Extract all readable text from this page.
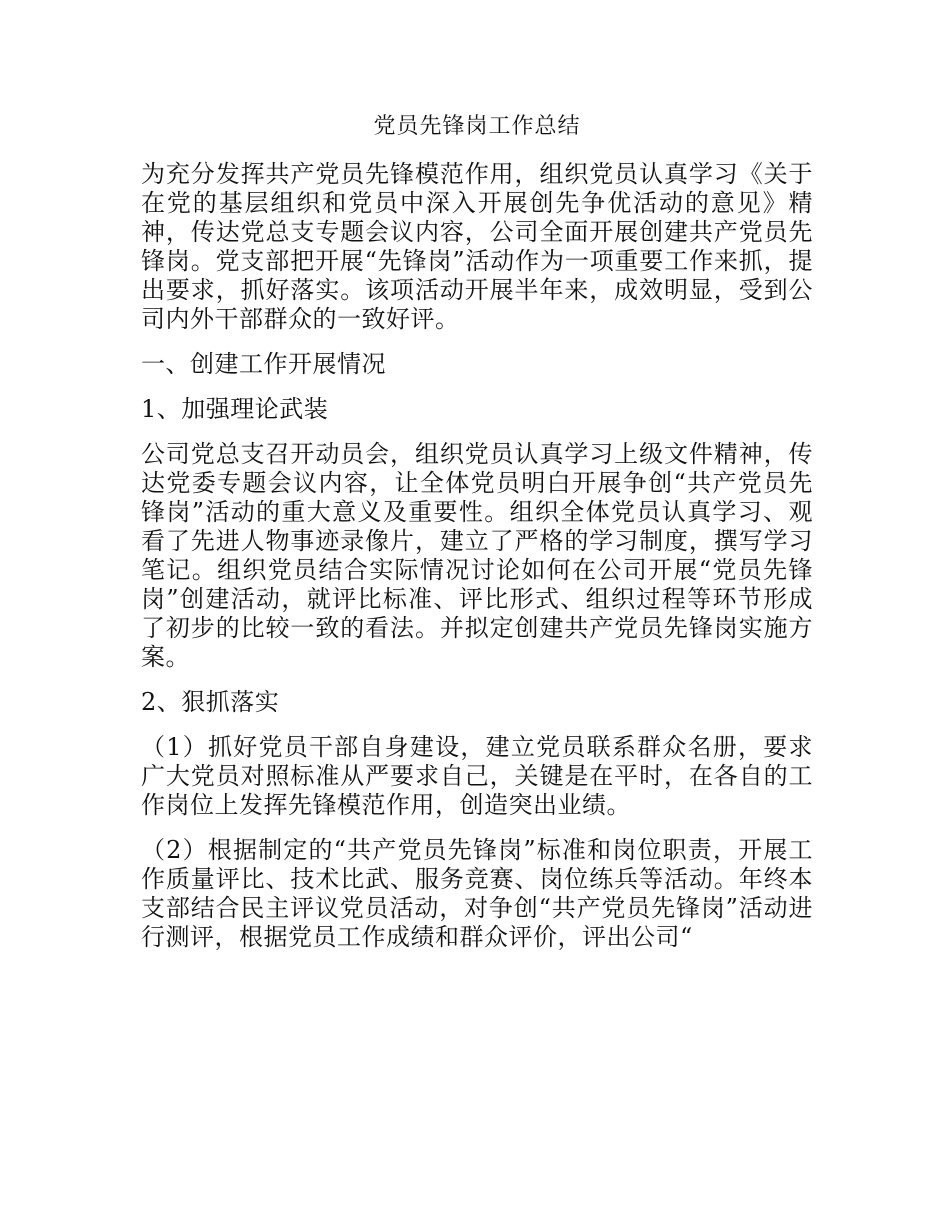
党员先锋岗工作总结

为充分发挥共产党员先锋模范作用，组织党员认真学习《关于在党的基层组织和党员中深入开展创先争优活动的意见》精神，传达党总支专题会议内容，公司全面开展创建共产党员先锋岗。党支部把开展“先锋岗”活动作为一项重要工作来抓，提出要求，抓好落实。该项活动开展半年来，成效明显，受到公司内外干部群众的一致好评。

一、创建工作开展情况

1、加强理论武装

公司党总支召开动员会，组织党员认真学习上级文件精神，传达党委专题会议内容，让全体党员明白开展争创“共产党员先锋岗”活动的重大意义及重要性。组织全体党员认真学习、观看了先进人物事迹录像片，建立了严格的学习制度，撰写学习笔记。组织党员结合实际情况讨论如何在公司开展“党员先锋岗”创建活动，就评比标准、评比形式、组织过程等环节形成了初步的比较一致的看法。并拟定创建共产党员先锋岗实施方案。

2、狠抓落实

（1）抓好党员干部自身建设，建立党员联系群众名册，要求广大党员对照标准从严要求自己，关键是在平时，在各自的工作岗位上发挥先锋模范作用，创造突出业绩。

（2）根据制定的“共产党员先锋岗”标准和岗位职责，开展工作质量评比、技术比武、服务竞赛、岗位练兵等活动。年终本支部结合民主评议党员活动，对争创“共产党员先锋岗”活动进行测评，根据党员工作成绩和群众评价，评出公司“
